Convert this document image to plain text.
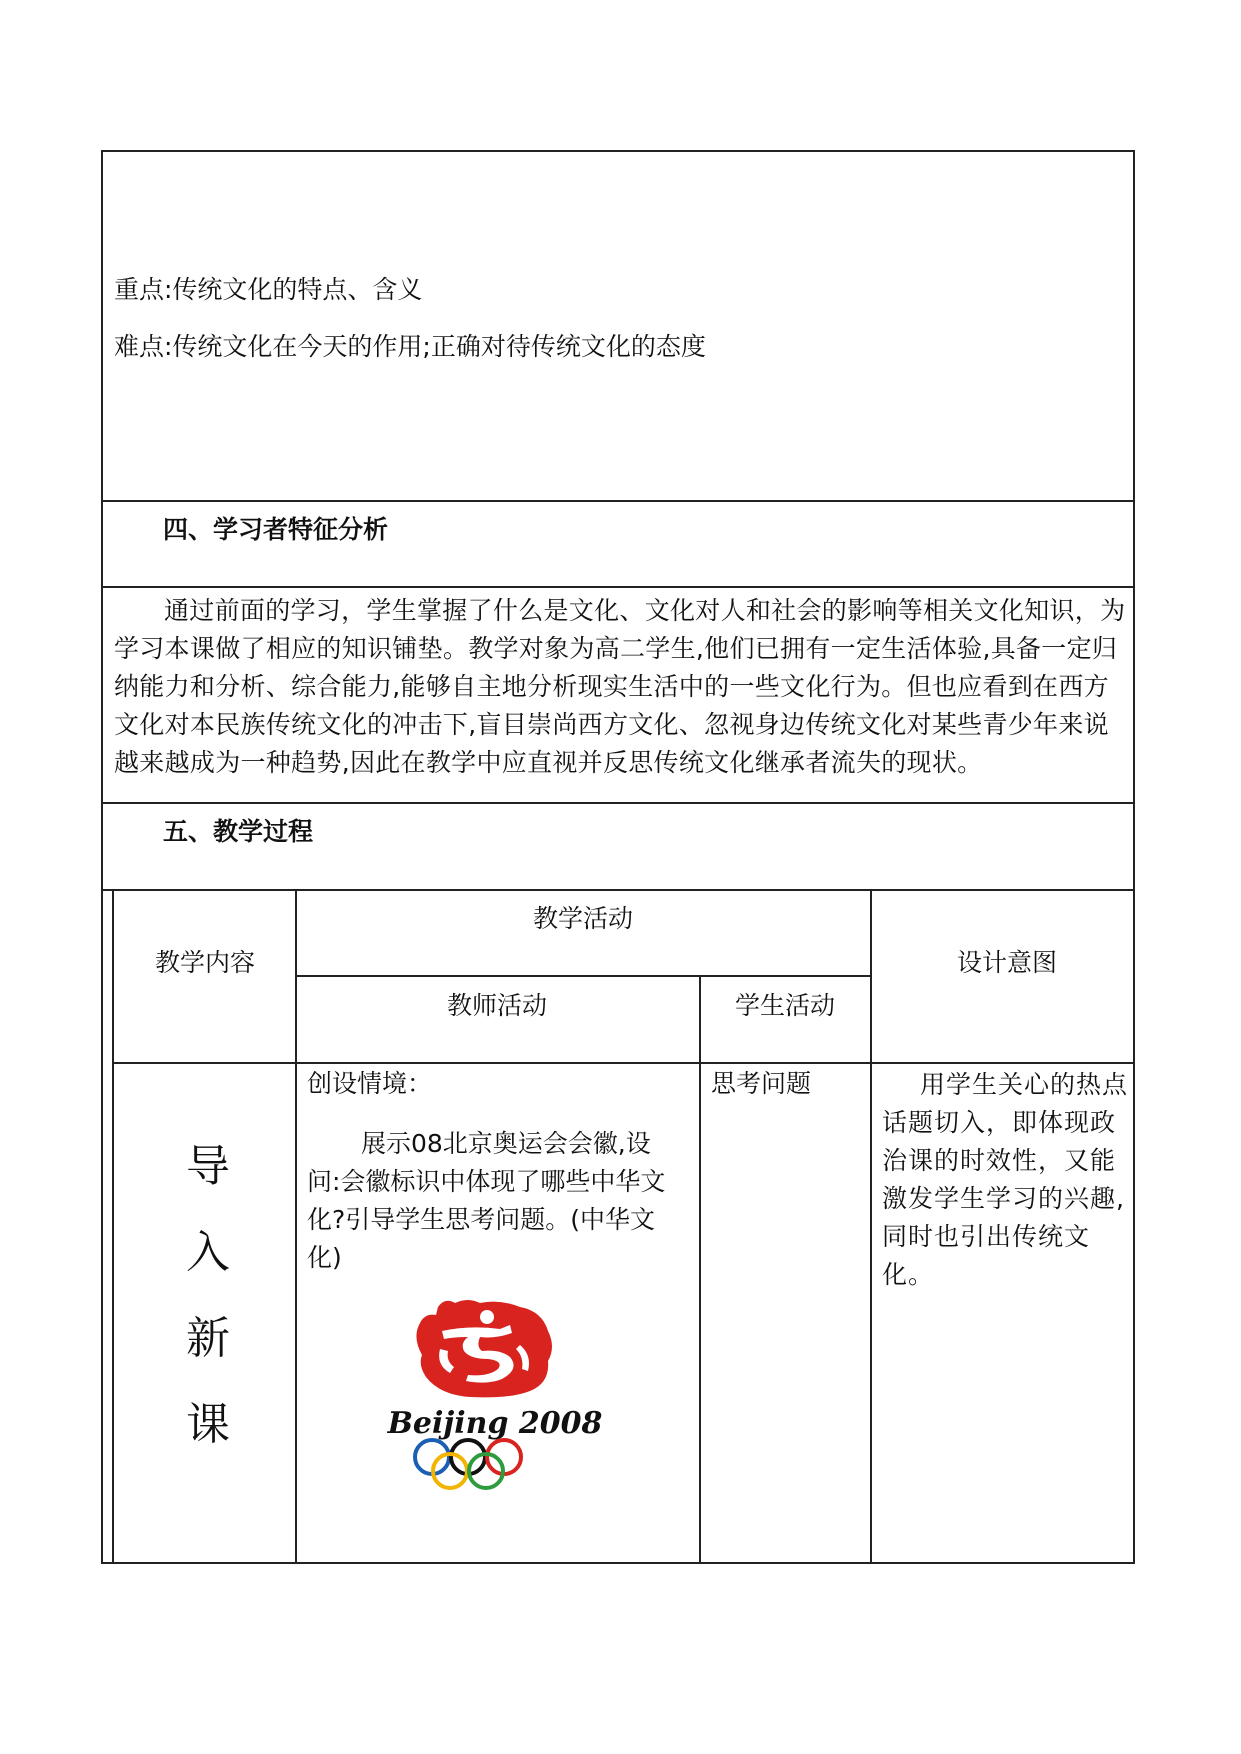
重点:传统文化的特点、含义
难点:传统文化在今天的作用;正确对待传统文化的态度
四、学习者特征分析
通过前面的学习，学生掌握了什么是文化、文化对人和社会的影响等相关文化知识，为学习本课做了相应的知识铺垫。教学对象为高二学生,他们已拥有一定生活体验,具备一定归纳能力和分析、综合能力,能够自主地分析现实生活中的一些文化行为。但也应看到在西方文化对本民族传统文化的冲击下,盲目崇尚西方文化、忽视身边传统文化对某些青少年来说越来越成为一种趋势,因此在教学中应直视并反思传统文化继承者流失的现状。
五、教学过程
教学内容
教学活动
教师活动	学生活动
设计意图
导
入
新
课
创设情境：
展示08北京奥运会会徽,设问:会徽标识中体现了哪些中华文化?引导学生思考问题。(中华文化)
Beijing 2008
思考问题	用学生关心的热点话题切入，即体现政治课的时效性，又能激发学生学习的兴趣,同时也引出传统文化。
